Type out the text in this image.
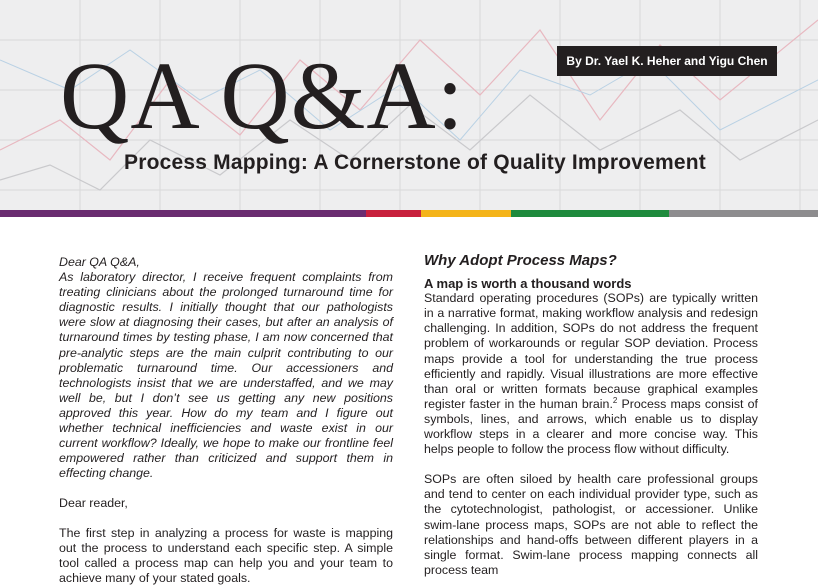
By Dr. Yael K. Heher and Yigu Chen
QA Q&A:
Process Mapping: A Cornerstone of Quality Improvement

Dear QA Q&A,

As laboratory director, I receive frequent complaints from treating clinicians about the prolonged turnaround time for diagnostic results. I initially thought that our pathologists were slow at diagnosing their cases, but after an analysis of turnaround times by testing phase, I am now concerned that pre-analytic steps are the main culprit contributing to our problematic turnaround time. Our accessioners and technologists insist that we are understaffed, and we may well be, but I don’t see us getting any new positions approved this year. How do my team and I figure out whether technical inefficiencies and waste exist in our current workflow? Ideally, we hope to make our frontline feel empowered rather than criticized and support them in effecting change.

Dear reader,

The first step in analyzing a process for waste is mapping out the process to understand each specific step. A simple tool called a process map can help you and your team to achieve many of your stated goals.

Why Adopt Process Maps?
A map is worth a thousand words

Standard operating procedures (SOPs) are typically written in a narrative format, making workflow analysis and redesign challenging. In addition, SOPs do not address the frequent problem of workarounds or regular SOP deviation. Process maps provide a tool for understanding the true process efficiently and rapidly. Visual illustrations are more effective than oral or written formats because graphical examples register faster in the human brain.$^2$ Process maps consist of symbols, lines, and arrows, which enable us to display workflow steps in a clearer and more concise way. This helps people to follow the process flow without difficulty.

SOPs are often siloed by health care professional groups and tend to center on each individual provider type, such as the cytotechnologist, pathologist, or accessioner. Unlike swim-lane process maps, SOPs are not able to reflect the relationships and hand-offs between different players in a single format. Swim-lane process mapping connects all process team
